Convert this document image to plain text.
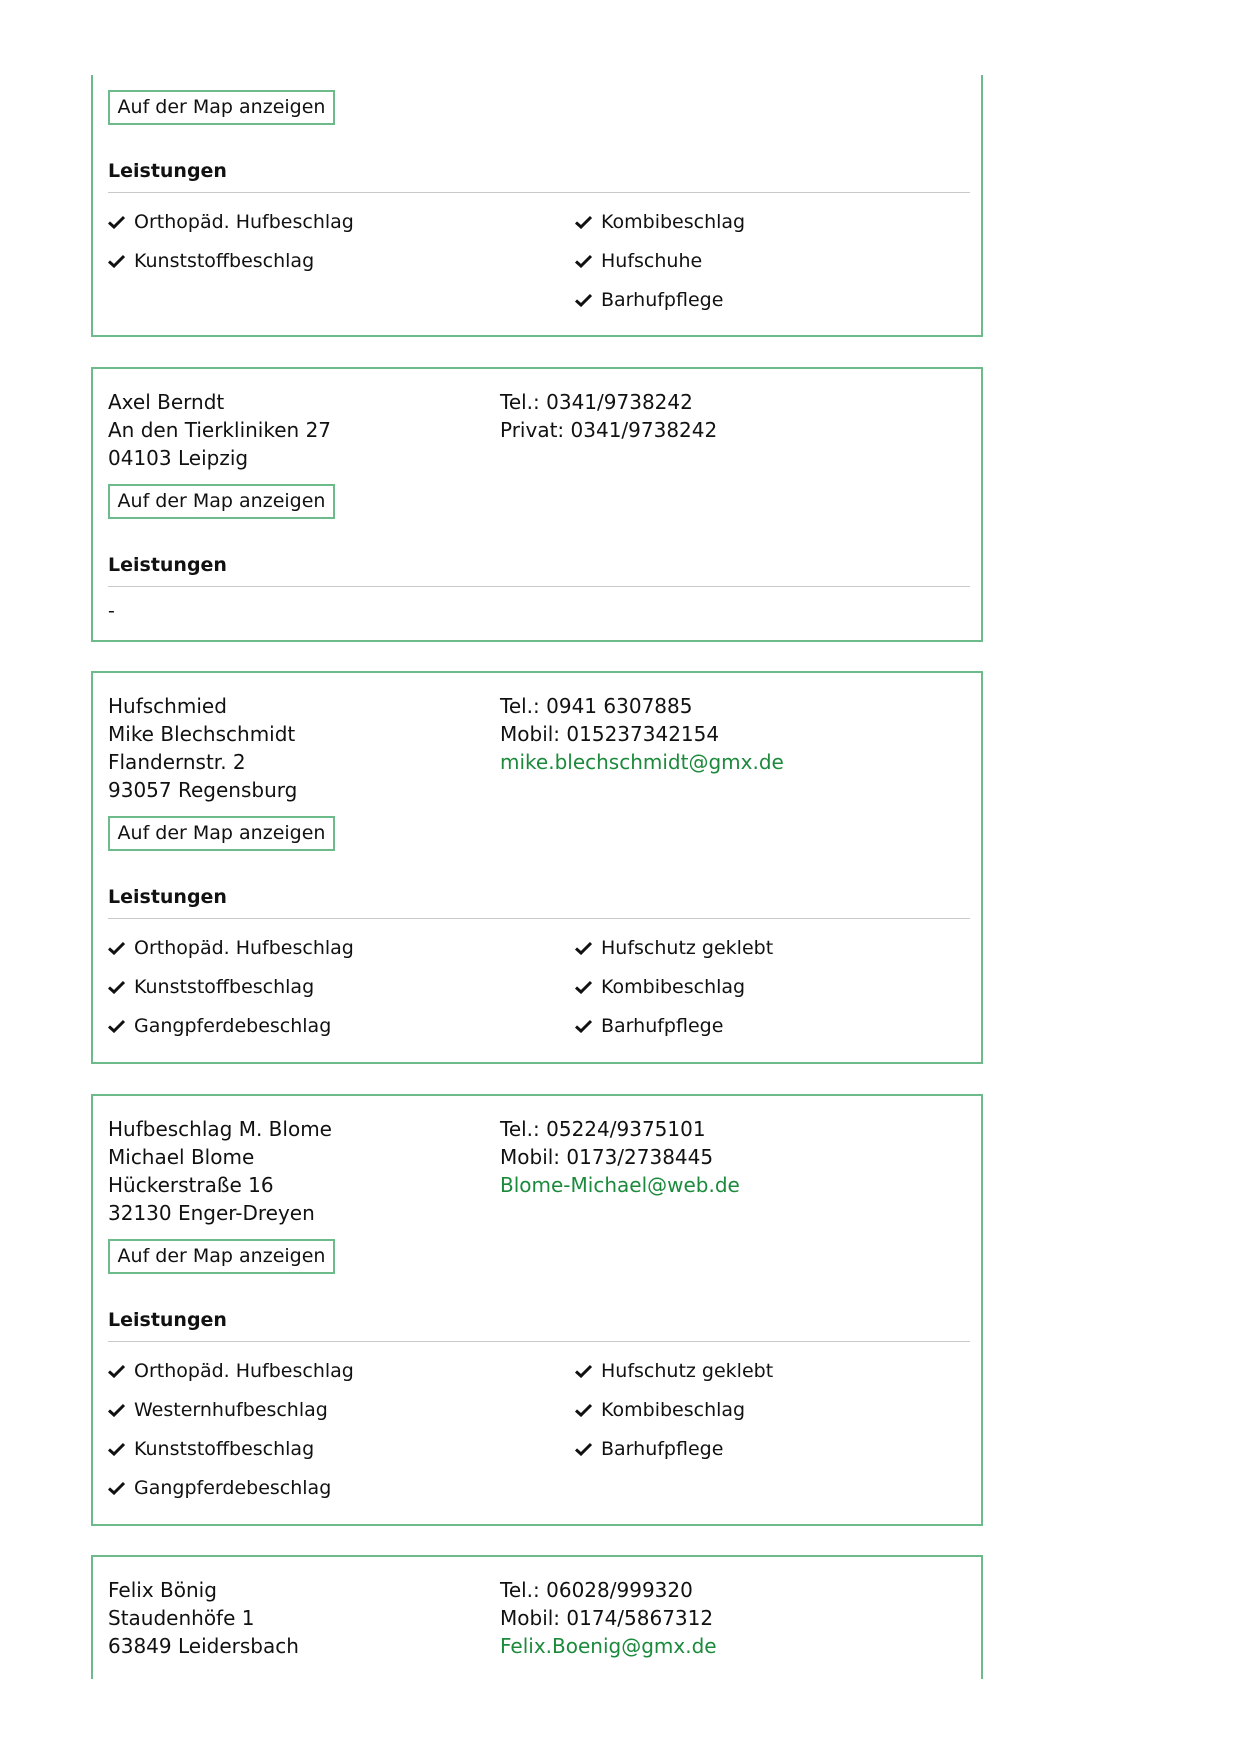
Auf der Map anzeigen
Leistungen
Orthopäd. Hufbeschlag
Kunststoffbeschlag
Kombibeschlag
Hufschuhe
Barhufpflege
Axel Berndt
An den Tierkliniken 27
04103 Leipzig
Tel.: 0341/9738242
Privat: 0341/9738242
Auf der Map anzeigen
Leistungen
-
Hufschmied
Mike Blechschmidt
Flandernstr. 2
93057 Regensburg
Tel.: 0941 6307885
Mobil: 015237342154
mike.blechschmidt@gmx.de
Auf der Map anzeigen
Leistungen
Orthopäd. Hufbeschlag
Kunststoffbeschlag
Gangpferdebeschlag
Hufschutz geklebt
Kombibeschlag
Barhufpflege
Hufbeschlag M. Blome
Michael Blome
Hückerstraße 16
32130 Enger-Dreyen
Tel.: 05224/9375101
Mobil: 0173/2738445
Blome-Michael@web.de
Auf der Map anzeigen
Leistungen
Orthopäd. Hufbeschlag
Westernhufbeschlag
Kunststoffbeschlag
Gangpferdebeschlag
Hufschutz geklebt
Kombibeschlag
Barhufpflege
Felix Bönig
Staudenhöfe 1
63849 Leidersbach
Tel.: 06028/999320
Mobil: 0174/5867312
Felix.Boenig@gmx.de
